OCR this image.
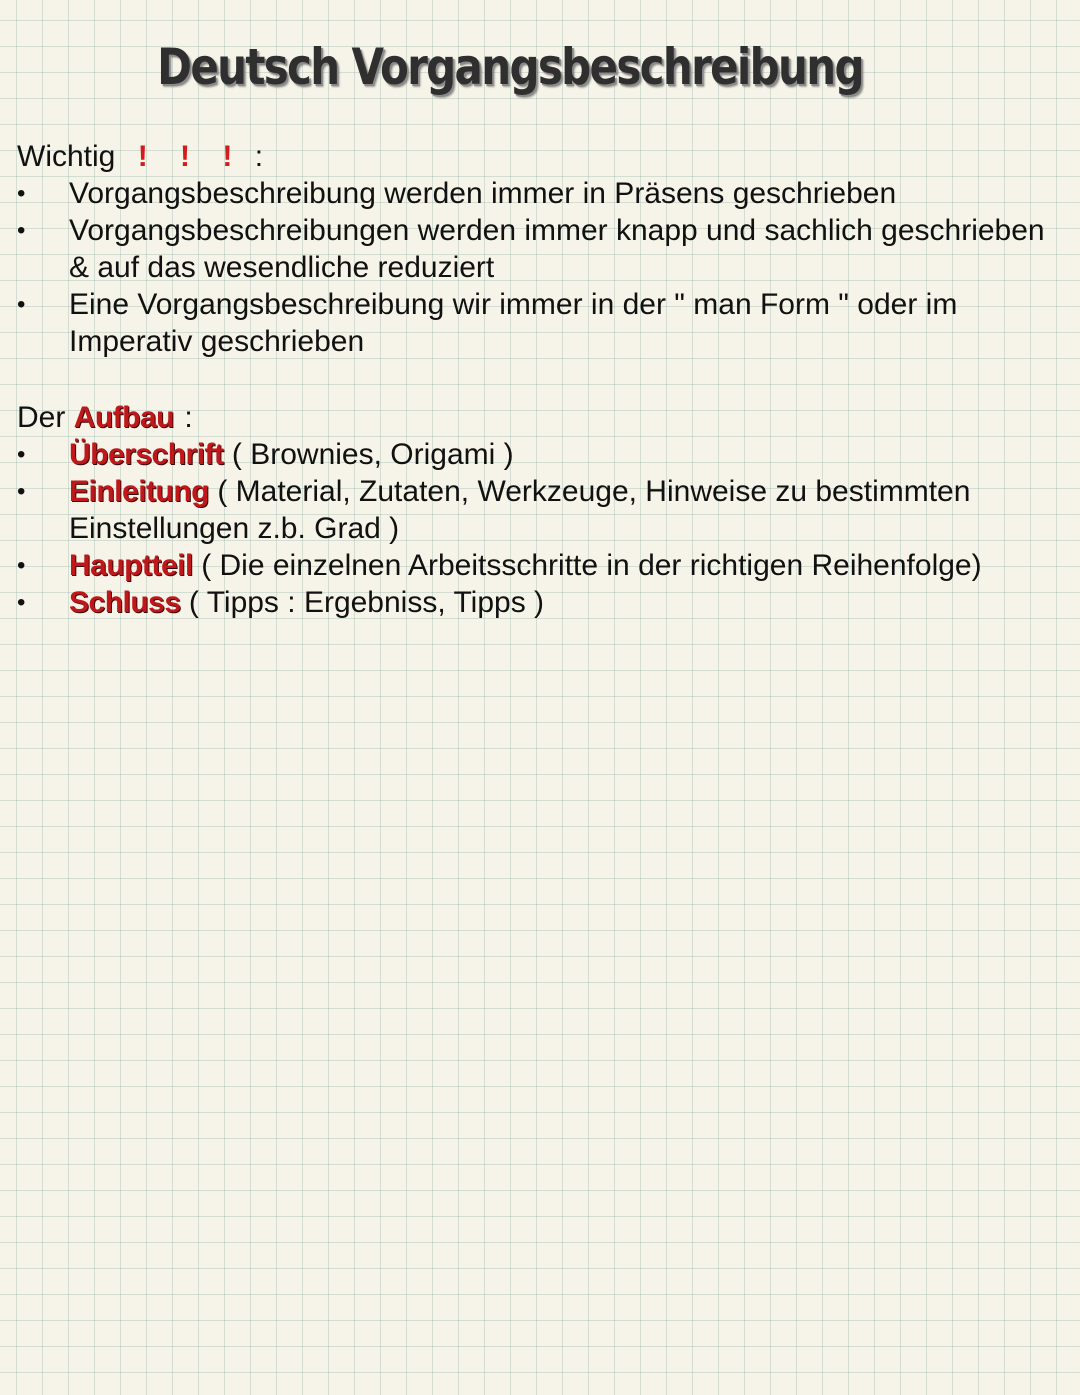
Deutsch Vorgangsbeschreibung
Wichtig ! ! ! :
•	Vorgangsbeschreibung werden immer in Präsens geschrieben
•	Vorgangsbeschreibungen werden immer knapp und sachlich geschrieben & auf das wesendliche reduziert
•	Eine Vorgangsbeschreibung wir immer in der " man Form " oder im Imperativ geschrieben
Der Aufbau :
•	Überschrift ( Brownies, Origami )
•	Einleitung ( Material, Zutaten, Werkzeuge, Hinweise zu bestimmten Einstellungen z.b. Grad )
•	Hauptteil ( Die einzelnen Arbeitsschritte in der richtigen Reihenfolge)
•	Schluss ( Tipps : Ergebniss, Tipps )
